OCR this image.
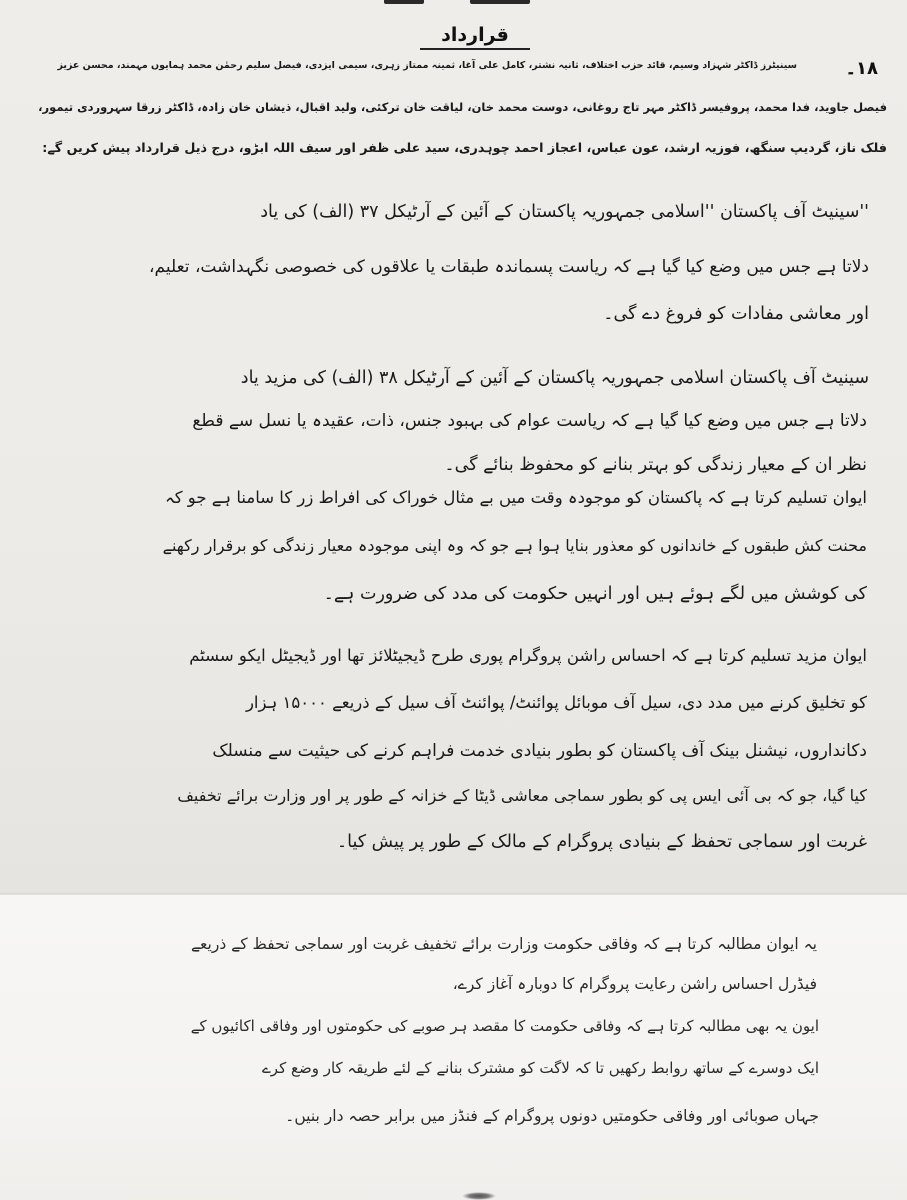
قرارداد
۱۸۔
سینیٹرز ڈاکٹر شہزاد وسیم، قائد حزب اختلاف، ثانیہ نشتر، کامل علی آغا، ثمینہ ممتاز زہری، سیمی ایزدی، فیصل سلیم رحمٰن محمد ہمایوں مہمند، محسن عزیز
فیصل جاوید، فدا محمد، پروفیسر ڈاکٹر مہر تاج روغانی، دوست محمد خان، لیاقت خان ترکئی، ولید اقبال، ذیشان خان زادہ، ڈاکٹر زرقا سہروردی تیمور،
فلک ناز، گردیپ سنگھ، فوزیہ ارشد، عون عباس، اعجاز احمد چوہدری، سید علی ظفر اور سیف اللہ ابڑو، درج ذیل قرارداد پیش کریں گے:
''سینیٹ آف پاکستان ''اسلامی جمہوریہ پاکستان کے آئین کے آرٹیکل ۳۷ (الف) کی یاد
دلاتا ہے جس میں وضع کیا گیا ہے کہ ریاست پسماندہ طبقات یا علاقوں کی خصوصی نگہداشت، تعلیم،
اور معاشی مفادات کو فروغ دے گی۔
سینیٹ آف پاکستان اسلامی جمہوریہ پاکستان کے آئین کے آرٹیکل ۳۸ (الف) کی مزید یاد
دلاتا ہے جس میں وضع کیا گیا ہے کہ ریاست عوام کی بہبود جنس، ذات، عقیدہ یا نسل سے قطع
نظر ان کے معیار زندگی کو بہتر بنانے کو محفوظ بنائے گی۔
ایوان تسلیم کرتا ہے کہ پاکستان کو موجودہ وقت میں بے مثال خوراک کی افراط زر کا سامنا ہے جو کہ
محنت کش طبقوں کے خاندانوں کو معذور بنایا ہوا ہے جو کہ وہ اپنی موجودہ معیار زندگی کو برقرار رکھنے
کی کوشش میں لگے ہوئے ہیں اور انہیں حکومت کی مدد کی ضرورت ہے۔
ایوان مزید تسلیم کرتا ہے کہ احساس راشن پروگرام پوری طرح ڈیجیٹلائز تھا اور ڈیجیٹل ایکو سسٹم
کو تخلیق کرنے میں مدد دی، سیل آف موبائل پوائنٹ/ پوائنٹ آف سیل کے ذریعے ۱۵۰۰۰ ہزار
دکانداروں، نیشنل بینک آف پاکستان کو بطور بنیادی خدمت فراہم کرنے کی حیثیت سے منسلک
کیا گیا، جو کہ بی آئی ایس پی کو بطور سماجی معاشی ڈیٹا کے خزانہ کے طور پر اور وزارت برائے تخفیف
غربت اور سماجی تحفظ کے بنیادی پروگرام کے مالک کے طور پر پیش کیا۔
یہ ایوان مطالبہ کرتا ہے کہ وفاقی حکومت وزارت برائے تخفیف غربت اور سماجی تحفظ کے ذریعے
فیڈرل احساس راشن رعایت پروگرام کا دوبارہ آغاز کرے،
ایون یہ بھی مطالبہ کرتا ہے کہ وفاقی حکومت کا مقصد ہر صوبے کی حکومتوں اور وفاقی اکائیوں کے
ایک دوسرے کے ساتھ روابط رکھیں تا کہ لاگت کو مشترک بنانے کے لئے طریقہ کار وضع کرے
جہاں صوبائی اور وفاقی حکومتیں دونوں پروگرام کے فنڈز میں برابر حصہ دار بنیں۔
